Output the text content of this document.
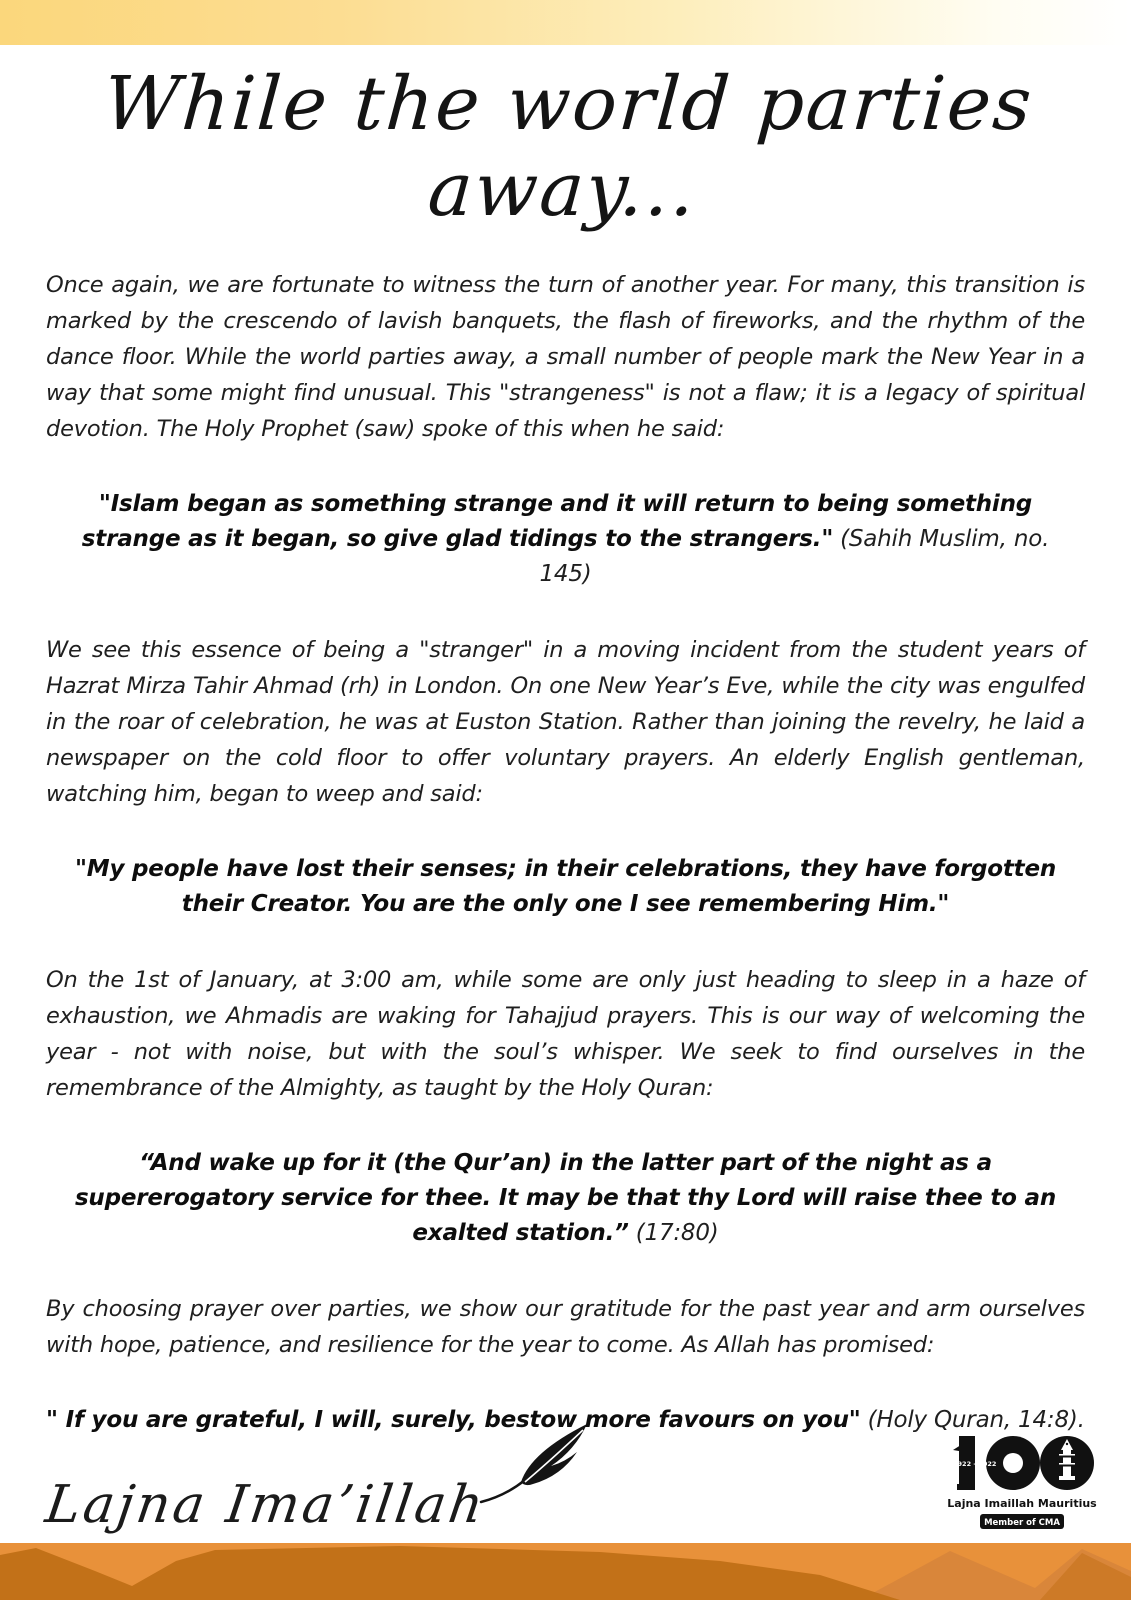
While the world parties away...

Once again, we are fortunate to witness the turn of another year. For many, this transition is marked by the crescendo of lavish banquets, the flash of fireworks, and the rhythm of the dance floor. While the world parties away, a small number of people mark the New Year in a way that some might find unusual. This "strangeness" is not a flaw; it is a legacy of spiritual devotion. The Holy Prophet (saw) spoke of this when he said:

"Islam began as something strange and it will return to being something strange as it began, so give glad tidings to the strangers." (Sahih Muslim, no. 145)

We see this essence of being a "stranger" in a moving incident from the student years of Hazrat Mirza Tahir Ahmad (rh) in London. On one New Year’s Eve, while the city was engulfed in the roar of celebration, he was at Euston Station. Rather than joining the revelry, he laid a newspaper on the cold floor to offer voluntary prayers. An elderly English gentleman, watching him, began to weep and said:

"My people have lost their senses; in their celebrations, they have forgotten their Creator. You are the only one I see remembering Him."

On the 1st of January, at 3:00 am, while some are only just heading to sleep in a haze of exhaustion, we Ahmadis are waking for Tahajjud prayers. This is our way of welcoming the year - not with noise, but with the soul’s whisper. We seek to find ourselves in the remembrance of the Almighty, as taught by the Holy Quran:

“And wake up for it (the Qur’an) in the latter part of the night as a supererogatory service for thee. It may be that thy Lord will raise thee to an exalted station.” (17:80)

By choosing prayer over parties, we show our gratitude for the past year and arm ourselves with hope, patience, and resilience for the year to come. As Allah has promised:

" If you are grateful, I will, surely, bestow more favours on you" (Holy Quran, 14:8).

Lajna Ima’illah
1922 - 2022
Lajna Imaillah Mauritius
Member of CMA
